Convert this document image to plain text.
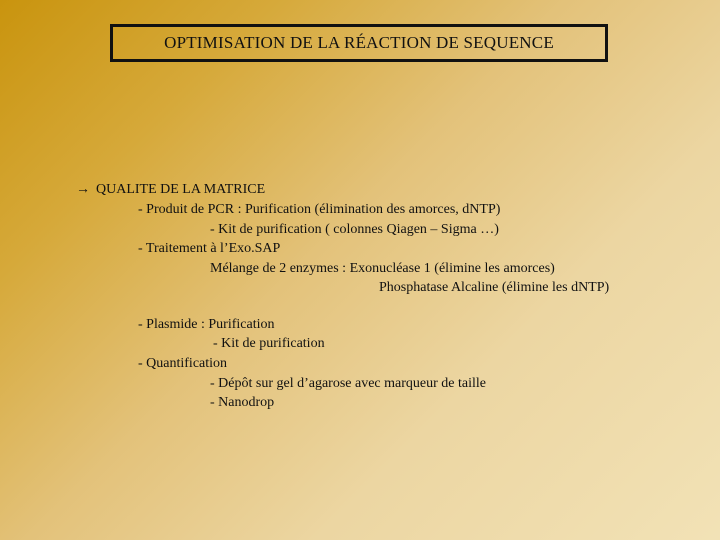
OPTIMISATION DE LA RÉACTION DE SEQUENCE
→ QUALITE DE LA MATRICE
- Produit de PCR : Purification (élimination des amorces, dNTP)
- Kit de purification ( colonnes Qiagen – Sigma …)
- Traitement à l’Exo.SAP
Mélange de 2 enzymes : Exonucléase 1 (élimine les amorces)
Phosphatase Alcaline (élimine les dNTP)
- Plasmide : Purification
- Kit de purification
- Quantification
- Dépôt sur gel d’agarose avec marqueur de taille
- Nanodrop
